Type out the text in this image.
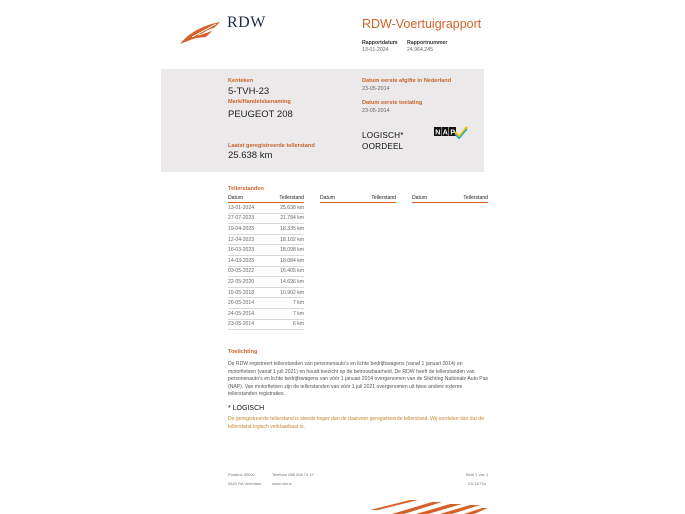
RDW	RDW-Voertuigrapport
Rapportdatum
13-01-2024
Rapportnummer
24.964.245
Kenteken
5-TVH-23
Merk/Handelsbenaming
PEUGEOT 208
Laatst geregistreerde tellerstand
25.638 km
Datum eerste afgifte in Nederland
23-05-2014
Datum eerste toelating
23-05-2014
LOGISCH*
OORDEEL
N A P
Tellerstanden
Datum	Tellerstand
13-01-2024	25.638 km
27-07-2023	21.784 km
19-04-2023	18.335 km
12-04-2023	18.102 km
16-03-2023	18.098 km
14-03-2023	18.084 km
03-05-2022	16.405 km
22-05-2020	14.696 km
15-05-2018	10.902 km
26-05-2014	7 km
24-05-2014	7 km
23-05-2014	6 km
Datum	Tellerstand	Datum	Tellerstand
Toelichting
De RDW registreert tellerstanden van personenauto's en lichte bedrijfswagens (vanaf 1 januari 2014) en motorfietsen (vanaf 1 juli 2021) en houdt toezicht op de betrouwbaarheid. De RDW heeft de tellerstanden van personenauto's en lichte bedrijfswagens van vóór 1 januari 2014 overgenomen van de Stichting Nationale Auto Pas (NAP). Van motorfietsen zijn de tellerstanden van vóór 1 juli 2021 overgenomen uit twee andere externe tellerstanden registraties.
* LOGISCH
De geregistreerde tellerstand is steeds hoger dan de daarvoor geregistreerde tellerstand. Wij oordelen dan dat de tellerstand logisch verklaarbaar is.
Postbus 30000
9640 RA Veendam
Telefoon 088 008 74 47
www.rdw.nl
Blad 1 van 1
23I.1673a
